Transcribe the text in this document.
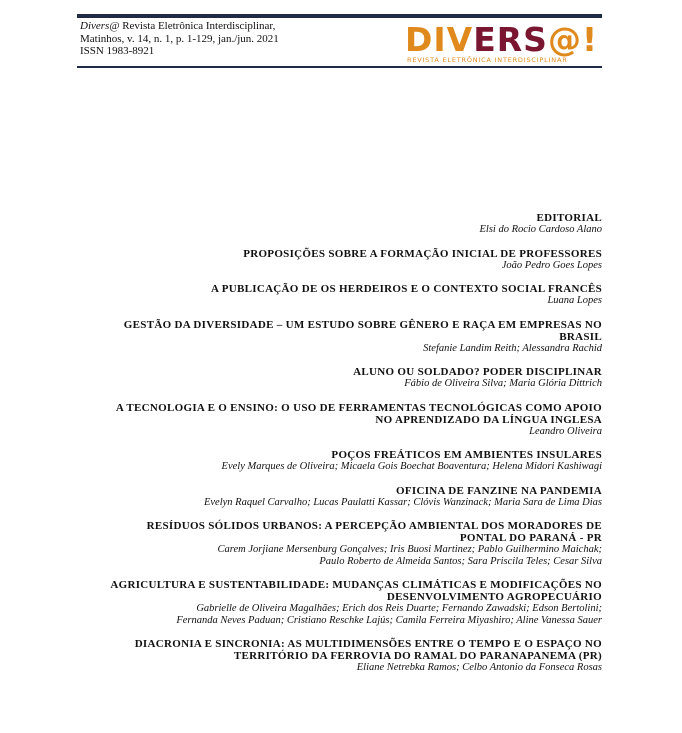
Divers@ Revista Eletrônica Interdisciplinar,
Matinhos, v. 14, n. 1, p. 1-129, jan./jun. 2021
ISSN 1983-8921	DIVERS@!
REVISTA ELETRÔNICA INTERDISCIPLINAR
EDITORIAL
Elsi do Rocio Cardoso Alano
PROPOSIÇÕES SOBRE A FORMAÇÃO INICIAL DE PROFESSORES
João Pedro Goes Lopes
A PUBLICAÇÃO DE OS HERDEIROS E O CONTEXTO SOCIAL FRANCÊS
Luana Lopes
GESTÃO DA DIVERSIDADE – UM ESTUDO SOBRE GÊNERO E RAÇA EM EMPRESAS NO BRASIL
Stefanie Landim Reith; Alessandra Rachid
ALUNO OU SOLDADO? PODER DISCIPLINAR
Fábio de Oliveira Silva; Maria Glória Dittrich
A TECNOLOGIA E O ENSINO: O USO DE FERRAMENTAS TECNOLÓGICAS COMO APOIO NO APRENDIZADO DA LÍNGUA INGLESA
Leandro Oliveira
POÇOS FREÁTICOS EM AMBIENTES INSULARES
Evely Marques de Oliveira; Micaela Gois Boechat Boaventura; Helena Midori Kashiwagi
OFICINA DE FANZINE NA PANDEMIA
Evelyn Raquel Carvalho; Lucas Paulatti Kassar; Clóvis Wanzinack; Maria Sara de Lima Dias
RESÍDUOS SÓLIDOS URBANOS: A PERCEPÇÃO AMBIENTAL DOS MORADORES DE PONTAL DO PARANÁ - PR
Carem Jorjiane Mersenburg Gonçalves; Iris Buosi Martinez; Pablo Guilhermino Maichak;
Paulo Roberto de Almeida Santos; Sara Priscila Teles; Cesar Silva
AGRICULTURA E SUSTENTABILIDADE: MUDANÇAS CLIMÁTICAS E MODIFICAÇÕES NO DESENVOLVIMENTO AGROPECUÁRIO
Gabrielle de Oliveira Magalhães; Erich dos Reis Duarte; Fernando Zawadski; Edson Bertolini;
Fernanda Neves Paduan; Cristiano Reschke Lajús; Camila Ferreira Miyashiro; Aline Vanessa Sauer
DIACRONIA E SINCRONIA: AS MULTIDIMENSÕES ENTRE O TEMPO E O ESPAÇO NO TERRITÓRIO DA FERROVIA DO RAMAL DO PARANAPANEMA (PR)
Eliane Netrebka Ramos; Celbo Antonio da Fonseca Rosas
